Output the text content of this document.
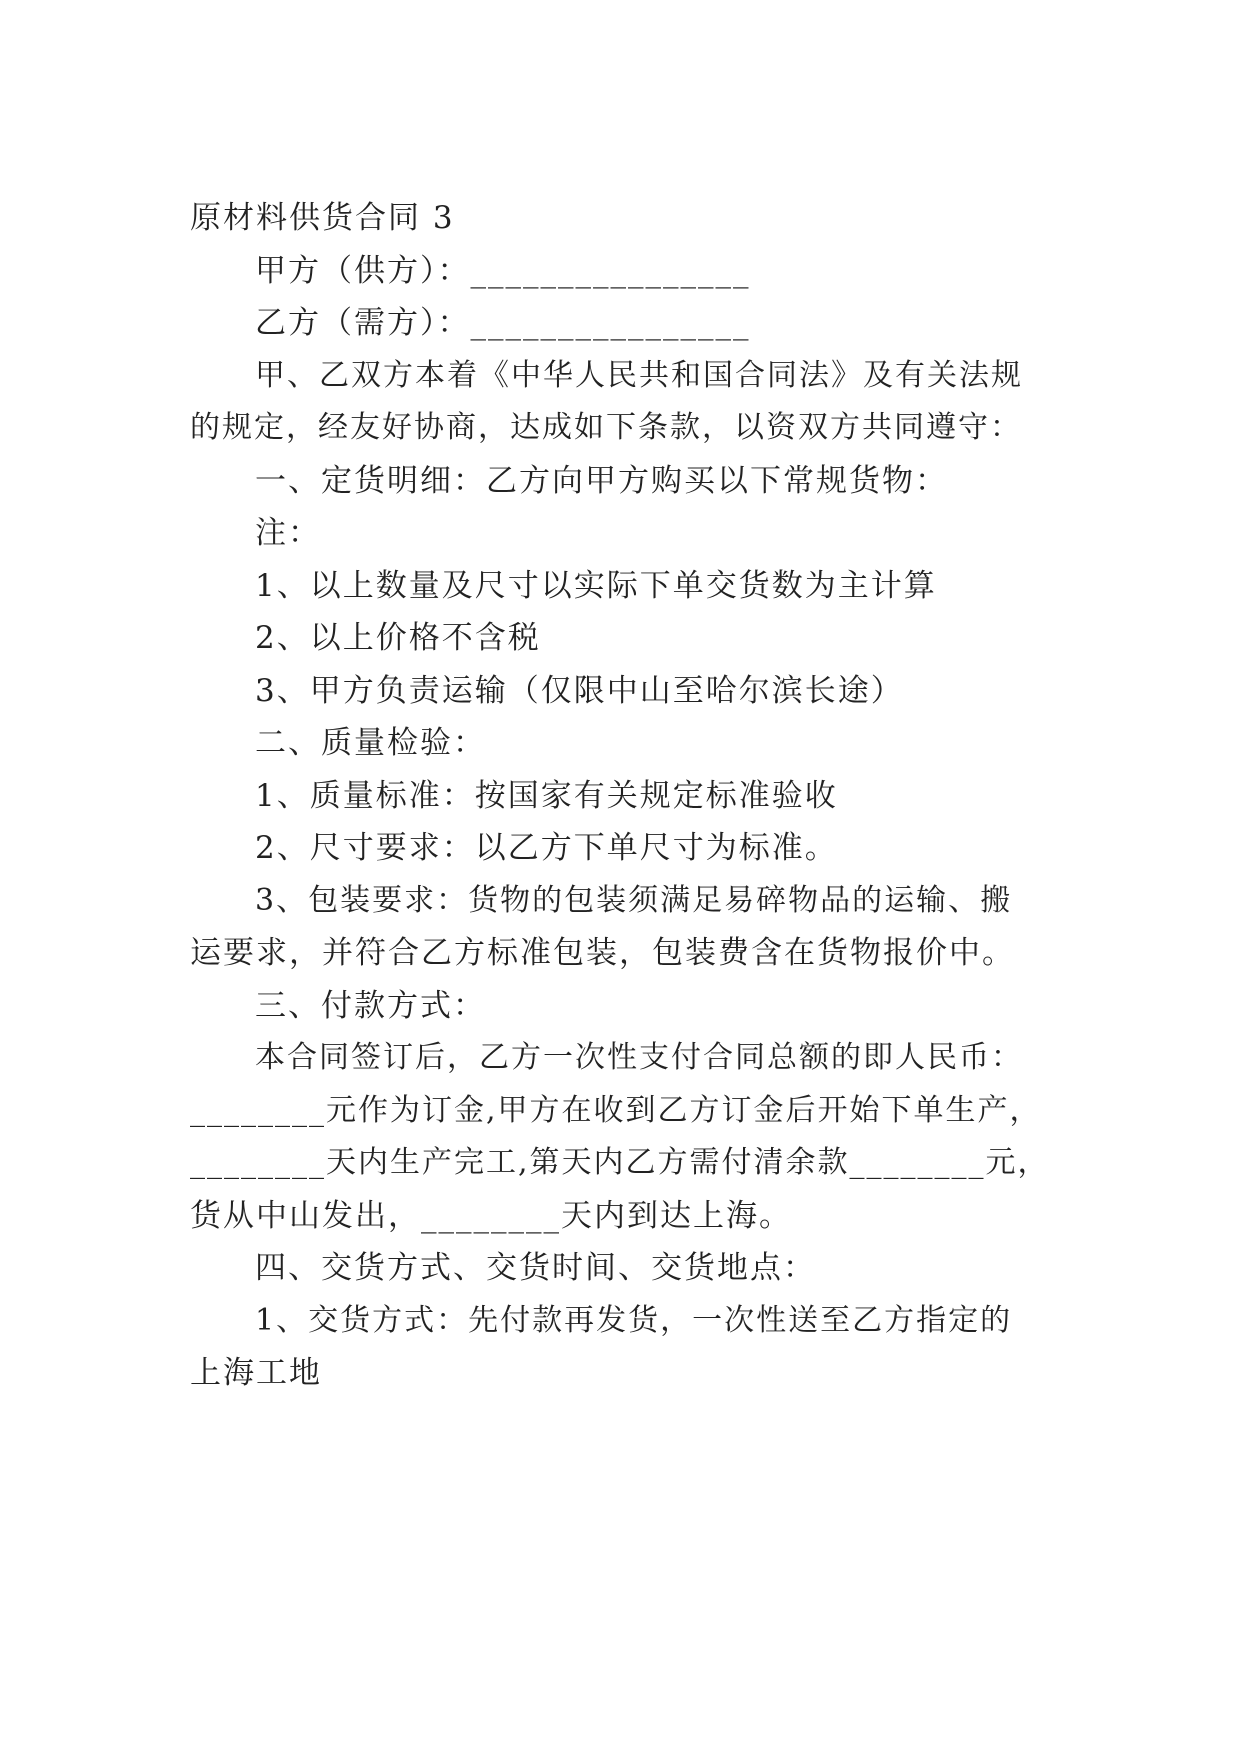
原材料供货合同 3
甲方（供方）：________________
乙方（需方）：________________
甲、乙双方本着《中华人民共和国合同法》及有关法规
的规定，经友好协商，达成如下条款，以资双方共同遵守：
一、定货明细：乙方向甲方购买以下常规货物：
注：
1、以上数量及尺寸以实际下单交货数为主计算
2、以上价格不含税
3、甲方负责运输（仅限中山至哈尔滨长途）
二、质量检验：
1、质量标准：按国家有关规定标准验收
2、尺寸要求：以乙方下单尺寸为标准。
3、包装要求：货物的包装须满足易碎物品的运输、搬
运要求，并符合乙方标准包装，包装费含在货物报价中。
三、付款方式：
本合同签订后，乙方一次性支付合同总额的即人民币：
________元作为订金,甲方在收到乙方订金后开始下单生产，
________天内生产完工,第天内乙方需付清余款________元，
货从中山发出，________天内到达上海。
四、交货方式、交货时间、交货地点：
1、交货方式：先付款再发货，一次性送至乙方指定的
上海工地
